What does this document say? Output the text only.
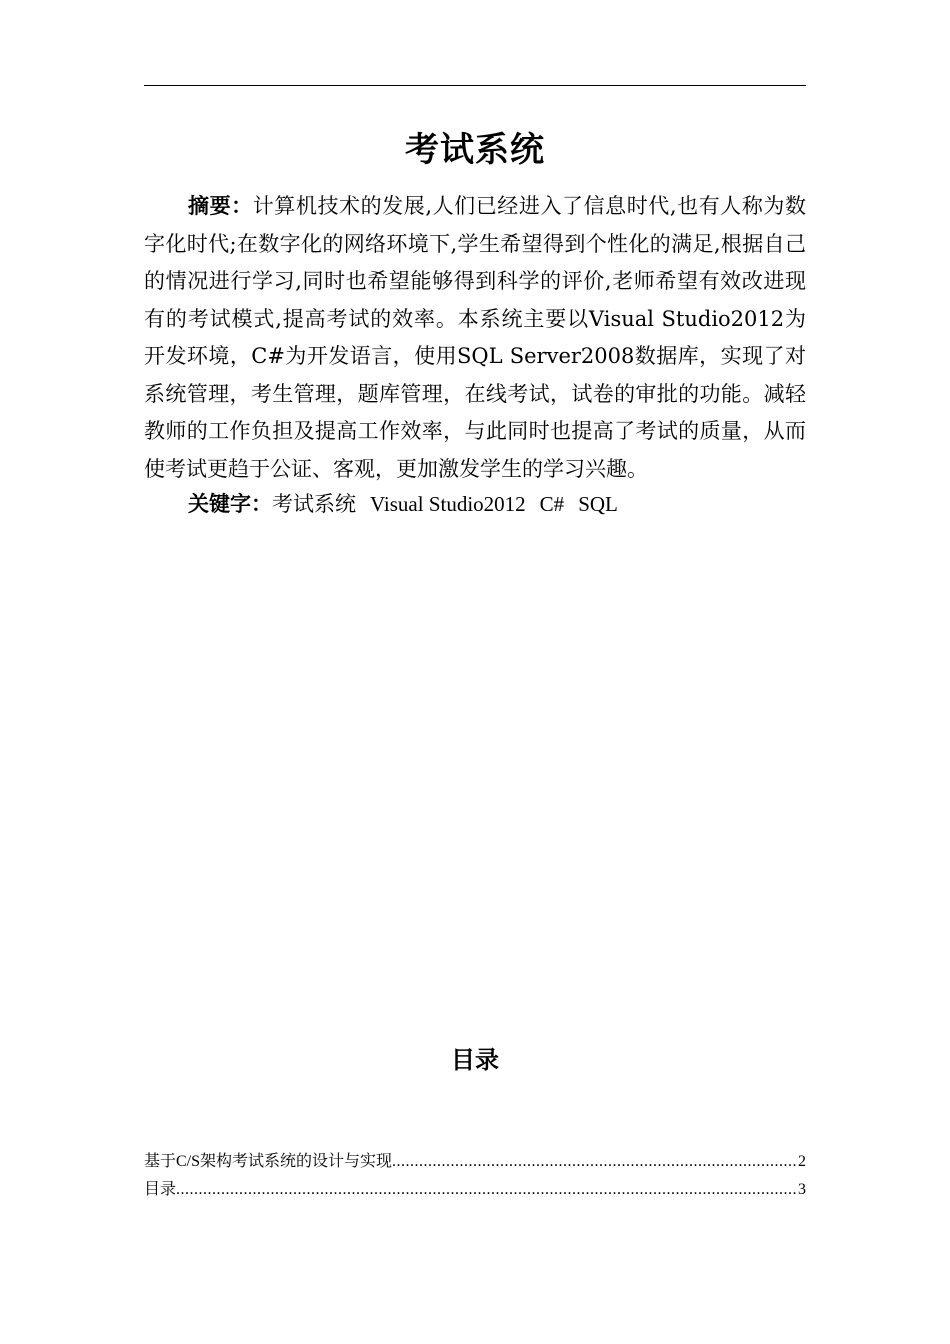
考试系统

摘要：计算机技术的发展,人们已经进入了信息时代,也有人称为数字化时代;在数字化的网络环境下,学生希望得到个性化的满足,根据自己的情况进行学习,同时也希望能够得到科学的评价,老师希望有效改进现有的考试模式,提高考试的效率。本系统主要以Visual Studio2012为开发环境，C#为开发语言，使用SQL Server2008数据库，实现了对系统管理，考生管理，题库管理，在线考试，试卷的审批的功能。减轻教师的工作负担及提高工作效率，与此同时也提高了考试的质量，从而使考试更趋于公证、客观，更加激发学生的学习兴趣。

关键字：考试系统 Visual Studio2012 C# SQL

目录
基于C/S架构考试系统的设计与实现 .....	2
目录 .....	3
